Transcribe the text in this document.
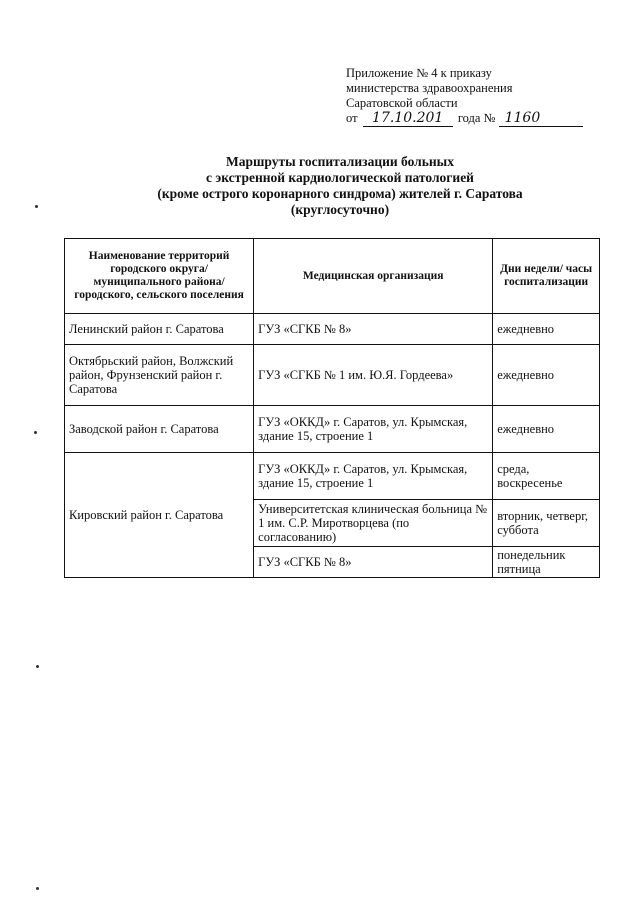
Приложение № 4 к приказу
министерства здравоохранения
Саратовской области
от 17.10.201 года № 1160
Маршруты госпитализации больных
с экстренной кардиологической патологией
(кроме острого коронарного синдрома) жителей г. Саратова
(круглосуточно)
Наименование территорий городского округа/ муниципального района/городского, сельского поселения	Медицинская организация	Дни недели/ часы госпитализации
Ленинский район г. Саратова	ГУЗ «СГКБ № 8»	ежедневно
Октябрьский район, Волжский район, Фрунзенский район г. Саратова	ГУЗ «СГКБ № 1 им. Ю.Я. Гордеева»	ежедневно
Заводской район г. Саратова	ГУЗ «ОККД» г. Саратов, ул. Крымская, здание 15, строение 1	ежедневно
Кировский район г. Саратова	ГУЗ «ОККД» г. Саратов, ул. Крымская, здание 15, строение 1	среда, воскресенье
	Университетская клиническая больница № 1 им. С.Р. Миротворцева (по согласованию)	вторник, четверг, суббота
	ГУЗ «СГКБ № 8»	понедельник пятница
